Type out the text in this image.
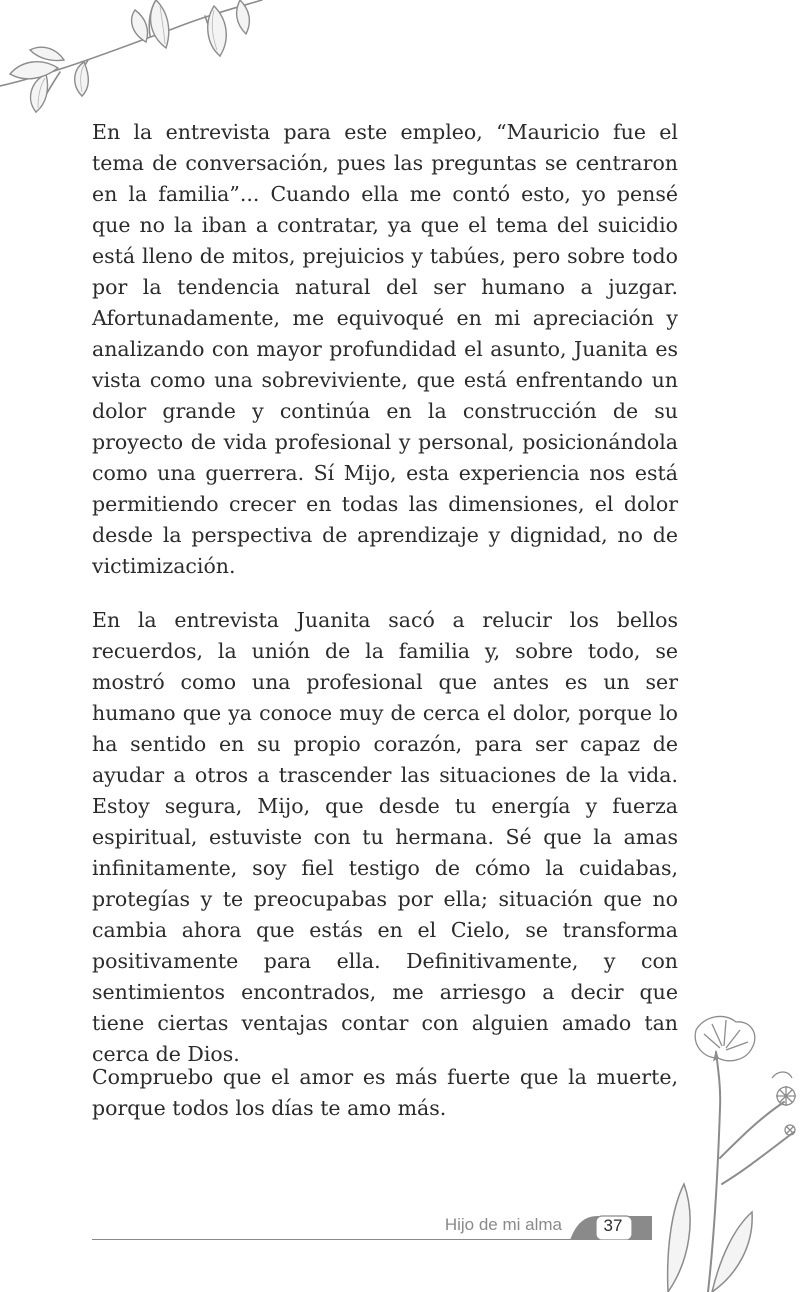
En la entrevista para este empleo, “Mauricio fue el tema de conversación, pues las preguntas se centraron en la familia”... Cuando ella me contó esto, yo pensé que no la iban a contratar, ya que el tema del suicidio está lleno de mitos, prejuicios y tabúes, pero sobre todo por la tendencia natural del ser humano a juzgar. Afortunadamente, me equivoqué en mi apreciación y analizando con mayor profundidad el asunto, Juanita es vista como una sobreviviente, que está enfrentando un dolor grande y continúa en la construcción de su proyecto de vida profesional y personal, posicionándola como una guerrera. Sí Mijo, esta experiencia nos está permitiendo crecer en todas las dimensiones, el dolor desde la perspectiva de aprendizaje y dignidad, no de victimización.

En la entrevista Juanita sacó a relucir los bellos recuerdos, la unión de la familia y, sobre todo, se mostró como una profesional que antes es un ser humano que ya conoce muy de cerca el dolor, porque lo ha sentido en su propio corazón, para ser capaz de ayudar a otros a trascender las situaciones de la vida. Estoy segura, Mijo, que desde tu energía y fuerza espiritual, estuviste con tu hermana. Sé que la amas infinitamente, soy fiel testigo de cómo la cuidabas, protegías y te preocupabas por ella; situación que no cambia ahora que estás en el Cielo, se transforma positivamente para ella. Definitivamente, y con sentimientos encontrados, me arriesgo a decir que tiene ciertas ventajas contar con alguien amado tan cerca de Dios.

Compruebo que el amor es más fuerte que la muerte, porque todos los días te amo más.

Hijo de mi alma	37
